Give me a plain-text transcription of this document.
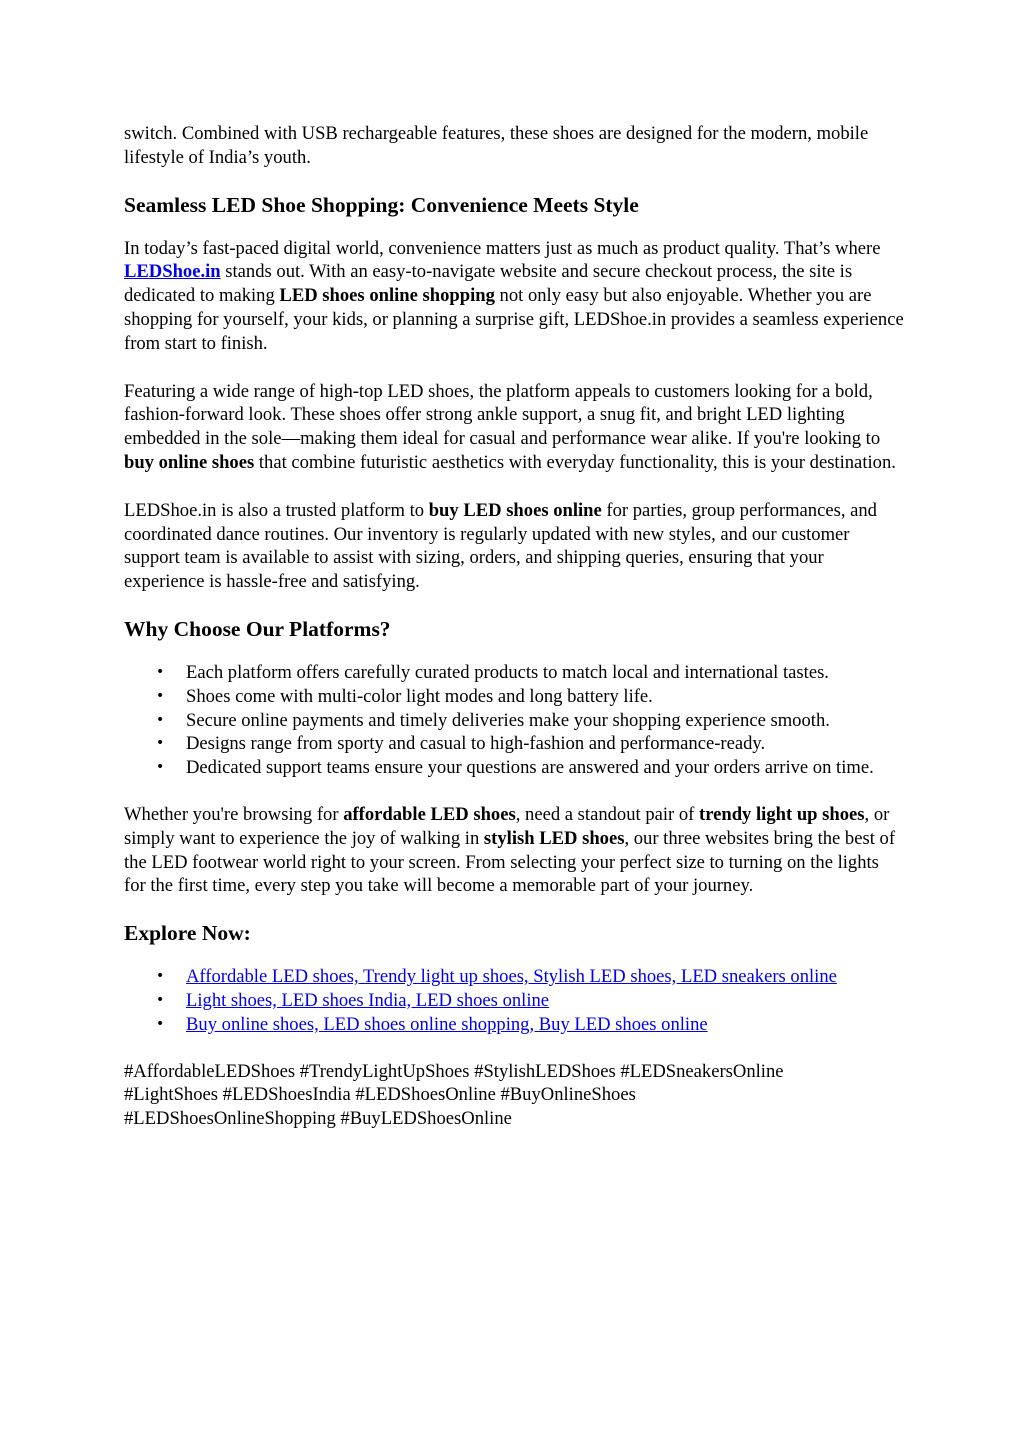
switch. Combined with USB rechargeable features, these shoes are designed for the modern, mobile lifestyle of India’s youth.

Seamless LED Shoe Shopping: Convenience Meets Style

In today’s fast-paced digital world, convenience matters just as much as product quality. That’s where LEDShoe.in stands out. With an easy-to-navigate website and secure checkout process, the site is dedicated to making LED shoes online shopping not only easy but also enjoyable. Whether you are shopping for yourself, your kids, or planning a surprise gift, LEDShoe.in provides a seamless experience from start to finish.

Featuring a wide range of high-top LED shoes, the platform appeals to customers looking for a bold, fashion-forward look. These shoes offer strong ankle support, a snug fit, and bright LED lighting embedded in the sole—making them ideal for casual and performance wear alike. If you're looking to buy online shoes that combine futuristic aesthetics with everyday functionality, this is your destination.

LEDShoe.in is also a trusted platform to buy LED shoes online for parties, group performances, and coordinated dance routines. Our inventory is regularly updated with new styles, and our customer support team is available to assist with sizing, orders, and shipping queries, ensuring that your experience is hassle-free and satisfying.

Why Choose Our Platforms?
• Each platform offers carefully curated products to match local and international tastes.
• Shoes come with multi-color light modes and long battery life.
• Secure online payments and timely deliveries make your shopping experience smooth.
• Designs range from sporty and casual to high-fashion and performance-ready.
• Dedicated support teams ensure your questions are answered and your orders arrive on time.

Whether you're browsing for affordable LED shoes, need a standout pair of trendy light up shoes, or simply want to experience the joy of walking in stylish LED shoes, our three websites bring the best of the LED footwear world right to your screen. From selecting your perfect size to turning on the lights for the first time, every step you take will become a memorable part of your journey.

Explore Now:
• Affordable LED shoes, Trendy light up shoes, Stylish LED shoes, LED sneakers online
• Light shoes, LED shoes India, LED shoes online
• Buy online shoes, LED shoes online shopping, Buy LED shoes online

#AffordableLEDShoes #TrendyLightUpShoes #StylishLEDShoes #LEDSneakersOnline
#LightShoes #LEDShoesIndia #LEDShoesOnline #BuyOnlineShoes
#LEDShoesOnlineShopping #BuyLEDShoesOnline
